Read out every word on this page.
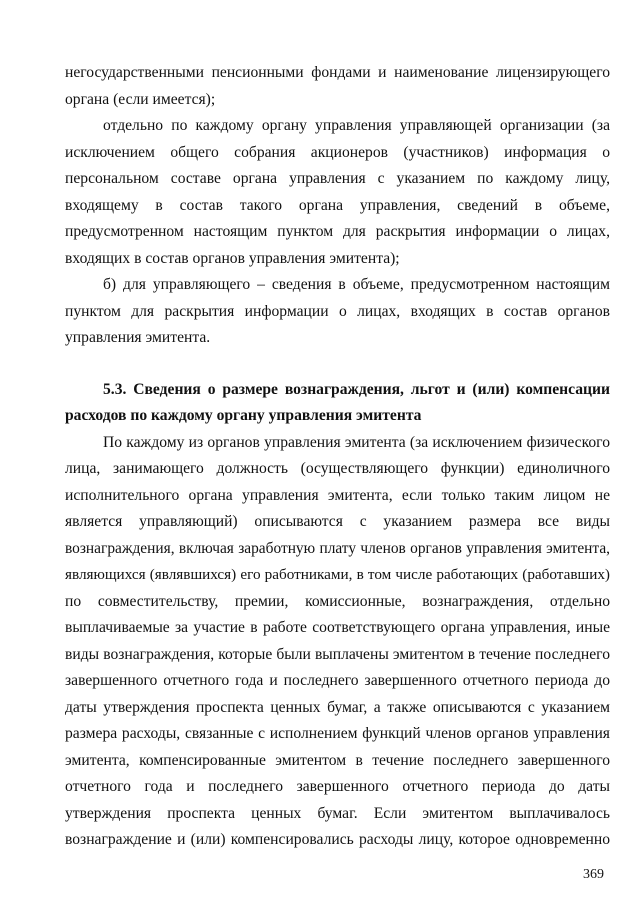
негосударственными пенсионными фондами и наименование лицензирующего
органа (если имеется);
отдельно по каждому органу управления управляющей организации (за
исключением общего собрания акционеров (участников) информация о
персональном составе органа управления с указанием по каждому лицу,
входящему в состав такого органа управления, сведений в объеме,
предусмотренном настоящим пунктом для раскрытия информации о лицах,
входящих в состав органов управления эмитента);
б) для управляющего – сведения в объеме, предусмотренном настоящим
пунктом для раскрытия информации о лицах, входящих в состав органов
управления эмитента.
5.3. Сведения о размере вознаграждения, льгот и (или) компенсации
расходов по каждому органу управления эмитента
По каждому из органов управления эмитента (за исключением физического
лица, занимающего должность (осуществляющего функции) единоличного
исполнительного органа управления эмитента, если только таким лицом не
является управляющий) описываются с указанием размера все виды
вознаграждения, включая заработную плату членов органов управления эмитента,
являющихся (являвшихся) его работниками, в том числе работающих (работавших)
по совместительству, премии, комиссионные, вознаграждения, отдельно
выплачиваемые за участие в работе соответствующего органа управления, иные
виды вознаграждения, которые были выплачены эмитентом в течение последнего
завершенного отчетного года и последнего завершенного отчетного периода до
даты утверждения проспекта ценных бумаг, а также описываются с указанием
размера расходы, связанные с исполнением функций членов органов управления
эмитента, компенсированные эмитентом в течение последнего завершенного
отчетного года и последнего завершенного отчетного периода до даты
утверждения проспекта ценных бумаг. Если эмитентом выплачивалось
вознаграждение и (или) компенсировались расходы лицу, которое одновременно
369
